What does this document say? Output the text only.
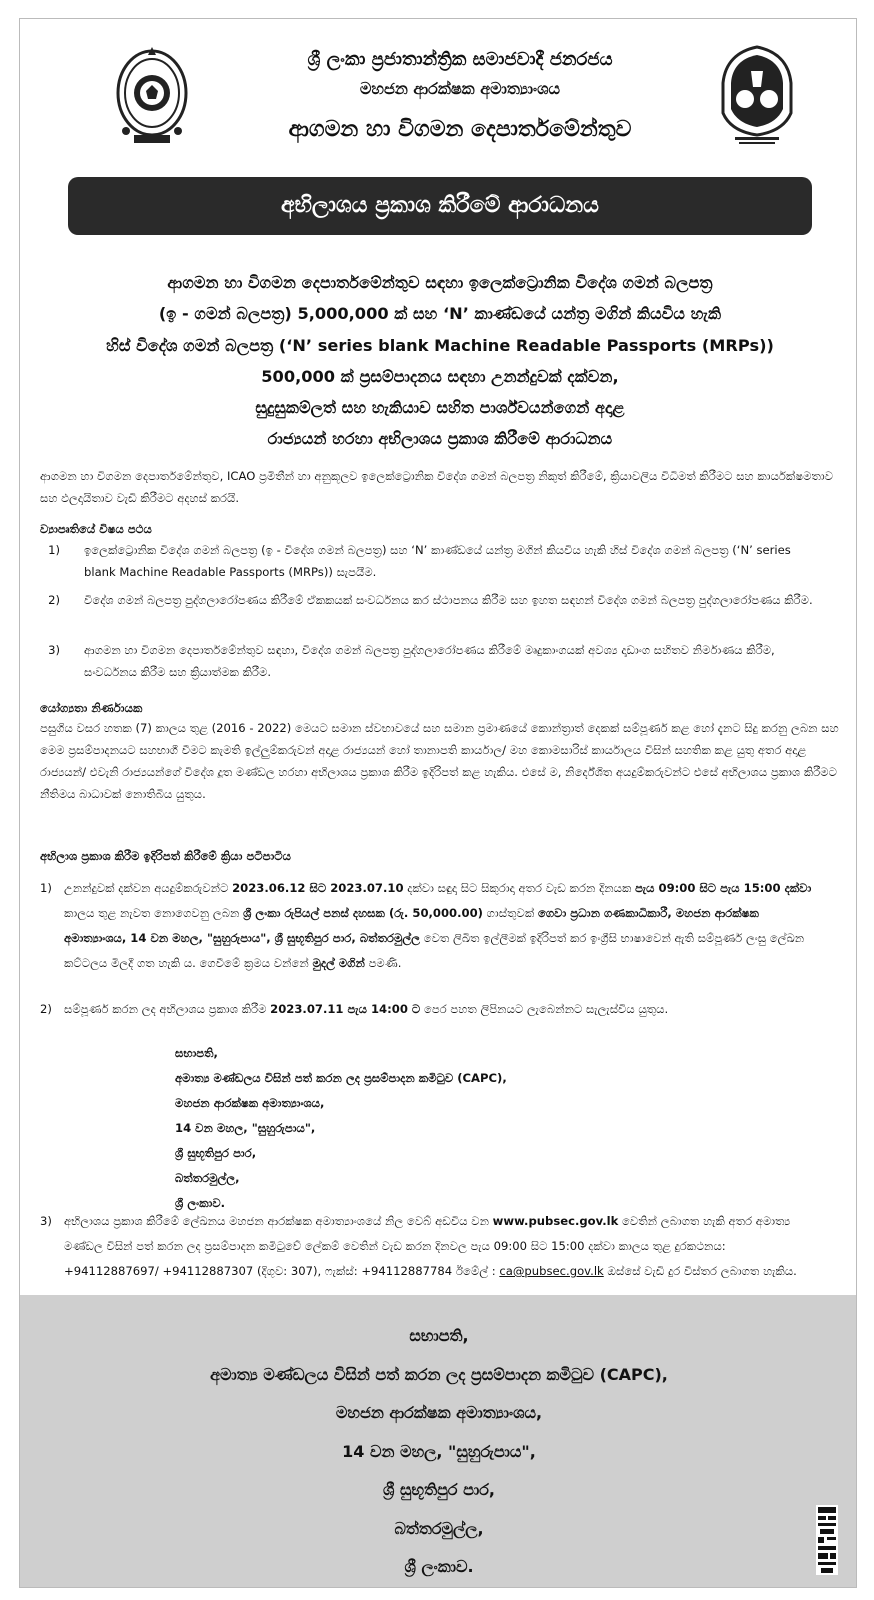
ශ්‍රී ලංකා ප්‍රජාතාන්ත්‍රික සමාජවාදී ජනරජය
මහජන ආරක්ෂක අමාත්‍යාංශය
ආගමන හා විගමන දෙපාර්තමේන්තුව
අභිලාශය ප්‍රකාශ කිරීමේ ආරාධනය
ආගමන හා විගමන දෙපාර්තමේන්තුව සඳහා ඉලෙක්ට්‍රොනික විදේශ ගමන් බලපත්‍ර
(ඉ - ගමන් බලපත්‍ර) 5,000,000 ක් සහ ‘N’ කාණ්ඩයේ යන්ත්‍ර මගින් කියවිය හැකි
හිස් විදේශ ගමන් බලපත්‍ර (‘N’ series blank Machine Readable Passports (MRPs))
500,000 ක් ප්‍රසම්පාදනය සඳහා උනන්දුවක් දක්වන,
සුදුසුකම්ලත් සහ හැකියාව සහිත පාර්ශ්වයන්ගෙන් අදාළ
රාජ්‍යයන් හරහා අභිලාශය ප්‍රකාශ කිරීමේ ආරාධනය

ආගමන හා විගමන දෙපාර්තමේන්තුව, ICAO ප්‍රමිතීන් හා අනුකූලව ඉලෙක්ට්‍රොනික විදේශ ගමන් බලපත්‍ර නිකුත් කිරීමේ, ක්‍රියාවලිය විධිමත් කිරීමට සහ කාර්යක්ෂමතාව සහ ඵලදායිතාව වැඩි කිරීමට අදහස් කරයි.

ව්‍යාපෘතියේ විෂය පථය
1) ඉලෙක්ට්‍රොනික විදේශ ගමන් බලපත්‍ර (ඉ - විදේශ ගමන් බලපත්‍ර) සහ ‘N’ කාණ්ඩයේ යන්ත්‍ර මගින් කියවිය හැකි හිස් විදේශ ගමන් බලපත්‍ර (‘N’ series blank Machine Readable Passports (MRPs)) සැපයීම.
2) විදේශ ගමන් බලපත්‍ර පුද්ගලාරෝපණය කිරීමේ ඒකකයක් සංවර්ධනය කර ස්ථාපනය කිරීම සහ ඉහත සඳහන් විදේශ ගමන් බලපත්‍ර පුද්ගලාරෝපණය කිරීම.
3) ආගමන හා විගමන දෙපාර්තමේන්තුව සඳහා, විදේශ ගමන් බලපත්‍ර පුද්ගලාරෝපණය කිරීමේ මෘදුකාංගයක් අවශ්‍ය දෘඩාංග සහිතව නිර්මාණය කිරීම, සංවර්ධනය කිරීම සහ ක්‍රියාත්මක කිරීම.
යෝග්‍යතා නිර්ණායක

පසුගිය වසර හතක (7) කාලය තුළ (2016 - 2022) මෙයට සමාන ස්වභාවයේ සහ සමාන ප්‍රමාණයේ කොන්ත්‍රාත් දෙකක් සම්පූර්ණ කළ හෝ දැනට සිදු කරනු ලබන සහ මෙම ප්‍රසම්පාදනයට සහභාගී වීමට කැමති ඉල්ලුම්කරුවන් අදාළ රාජ්‍යයන් හෝ තානාපති කාර්යාල/ මහ කොමසාරිස් කාර්යාලය විසින් සහතික කළ යුතු අතර අදාළ රාජ්‍යයන්/ එවැනි රාජ්‍යයන්ගේ විදේශ දූත මණ්ඩල හරහා අභිලාශය ප්‍රකාශ කිරීම ඉදිරිපත් කළ හැකිය. එසේ ම, නිර්දේශිත අයදුම්කරුවන්ට එසේ අභිලාශය ප්‍රකාශ කිරීමට නීතිමය බාධාවක් නොතිබිය යුතුය.

අභිලාශ ප්‍රකාශ කිරීම ඉදිරිපත් කිරීමේ ක්‍රියා පටිපාටිය
1) උනන්දුවක් දක්වන අයදුම්කරුවන්ට 2023.06.12 සිට 2023.07.10 දක්වා සඳුදා සිට සිකුරාදා අතර වැඩ කරන දිනයක පැය 09:00 සිට පැය 15:00 දක්වා කාලය තුළ නැවත නොගෙවනු ලබන ශ්‍රී ලංකා රුපියල් පනස් දහසක (රු. 50,000.00) ගාස්තුවක් ගෙවා ප්‍රධාන ගණකාධිකාරී, මහජන ආරක්ෂක අමාත්‍යාංශය, 14 වන මහල, "සුහුරුපාය", ශ්‍රී සුභූතිපුර පාර, බත්තරමුල්ල වෙත ලිඛිත ඉල්ලීමක් ඉදිරිපත් කර ඉංග්‍රීසි භාෂාවෙන් ඇති සම්පූර්ණ ලංසු ලේඛන කට්ටලය මිලදී ගත හැකි ය. ගෙවීමේ ක්‍රමය වන්නේ මුදල් මගින් පමණි.
2) සම්පූර්ණ කරන ලද අභිලාශය ප්‍රකාශ කිරීම 2023.07.11 පැය 14:00 ට පෙර පහත ලිපිනයට ලැබෙන්නට සැලැස්විය යුතුය.
සභාපති,
අමාත්‍ය මණ්ඩලය විසින් පත් කරන ලද ප්‍රසම්පාදන කමිටුව (CAPC),
මහජන ආරක්ෂක අමාත්‍යාංශය,
14 වන මහල, "සුහුරුපාය",
ශ්‍රී සුභූතිපුර පාර,
බත්තරමුල්ල,
ශ්‍රී ලංකාව.
3) අභිලාශය ප්‍රකාශ කිරීමේ ලේඛනය මහජන ආරක්ෂක අමාත්‍යාංශයේ නිල වෙබ් අඩවිය වන www.pubsec.gov.lk වෙතින් ලබාගත හැකි අතර අමාත්‍ය මණ්ඩල විසින් පත් කරන ලද ප්‍රසම්පාදන කමිටුවේ ලේකම් වෙතින් වැඩ කරන දිනවල පැය 09:00 සිට 15:00 දක්වා කාලය තුළ දුරකථනය: +94112887697/ +94112887307 (දිගුව: 307), ෆැක්ස්: +94112887784 ඊමේල් : ca@pubsec.gov.lk ඔස්සේ වැඩි දුර විස්තර ලබාගත හැකිය.
සභාපති,
අමාත්‍ය මණ්ඩලය විසින් පත් කරන ලද ප්‍රසම්පාදන කමිටුව (CAPC),
මහජන ආරක්ෂක අමාත්‍යාංශය,
14 වන මහල, "සුහුරුපාය",
ශ්‍රී සුභූතිපුර පාර,
බත්තරමුල්ල,
ශ්‍රී ලංකාව.
